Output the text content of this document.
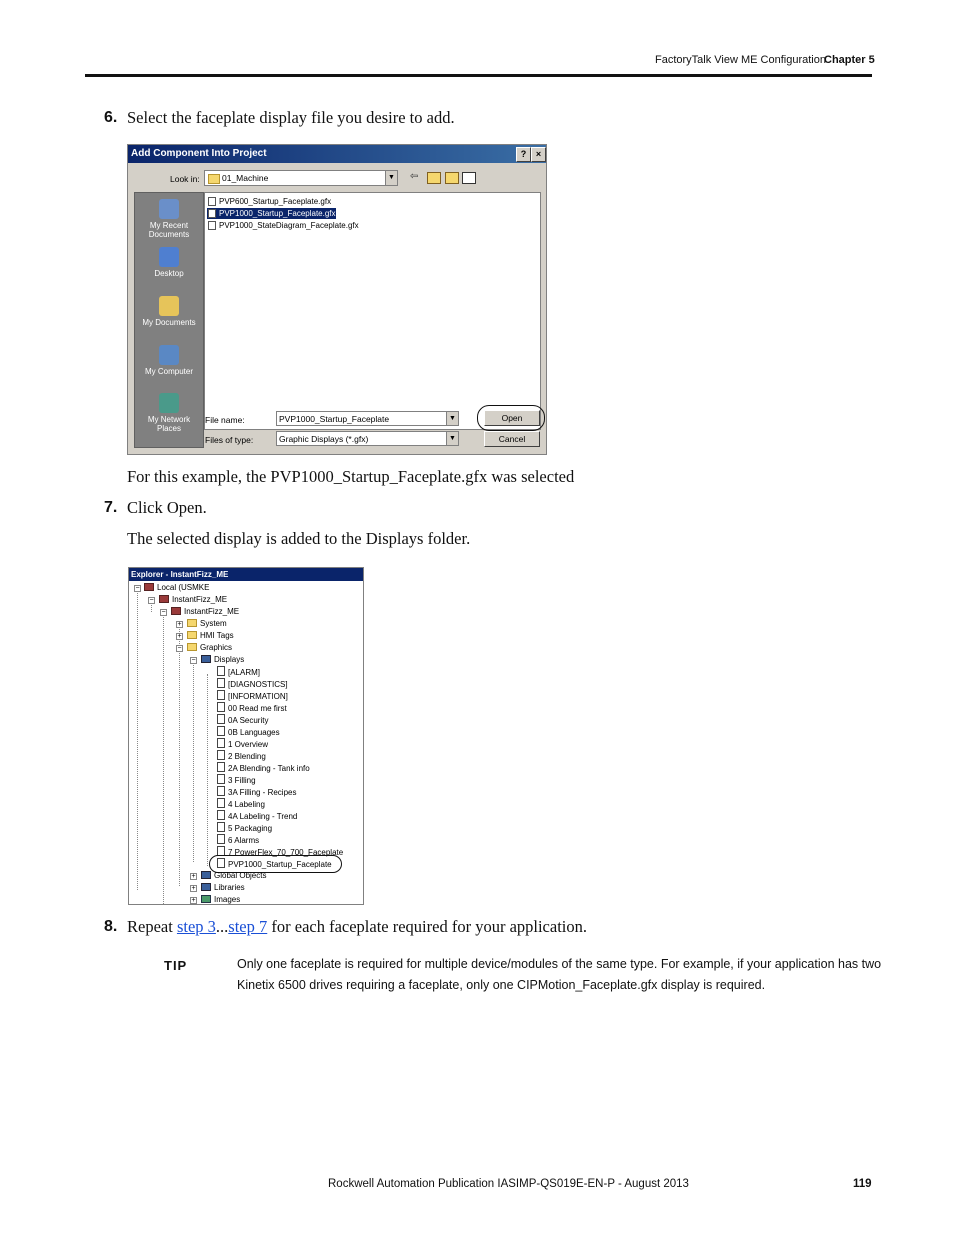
FactoryTalk View ME Configuration
Chapter 5
6. Select the faceplate display file you desire to add.
Add Component Into Project	?	×
Look in:	01_Machine	▼ ⇦
My Recent Documents
Desktop
My Documents
My Computer
My Network Places
PVP600_Startup_Faceplate.gfx
PVP1000_Startup_Faceplate.gfx
PVP1000_StateDiagram_Faceplate.gfx
File name:	PVP1000_Startup_Faceplate	▼
Files of type:	Graphic Displays (*.gfx)	▼
Open
Cancel
For this example, the PVP1000_Startup_Faceplate.gfx was selected
7. Click Open.
The selected display is added to the Displays folder.
Explorer - InstantFizz_ME
−	Local (USMKE
−	InstantFizz_ME
−	InstantFizz_ME
+	System
+	HMI Tags
−	Graphics
−	Displays
[ALARM]
[DIAGNOSTICS]
[INFORMATION]
00 Read me first
0A Security
0B Languages
1 Overview
2 Blending
2A Blending - Tank info
3 Filling
3A Filling - Recipes
4 Labeling
4A Labeling - Trend
5 Packaging
6 Alarms
7 PowerFlex_70_700_Faceplate
PVP1000_Startup_Faceplate
+	Global Objects
+	Libraries
+	Images
8. Repeat step 3...step 7 for each faceplate required for your application.
TIP	Only one faceplate is required for multiple device/modules of the same type. For example, if your application has two
Kinetix 6500 drives requiring a faceplate, only one CIPMotion_Faceplate.gfx display is required.
Rockwell Automation Publication IASIMP-QS019E-EN-P - August 2013	119
